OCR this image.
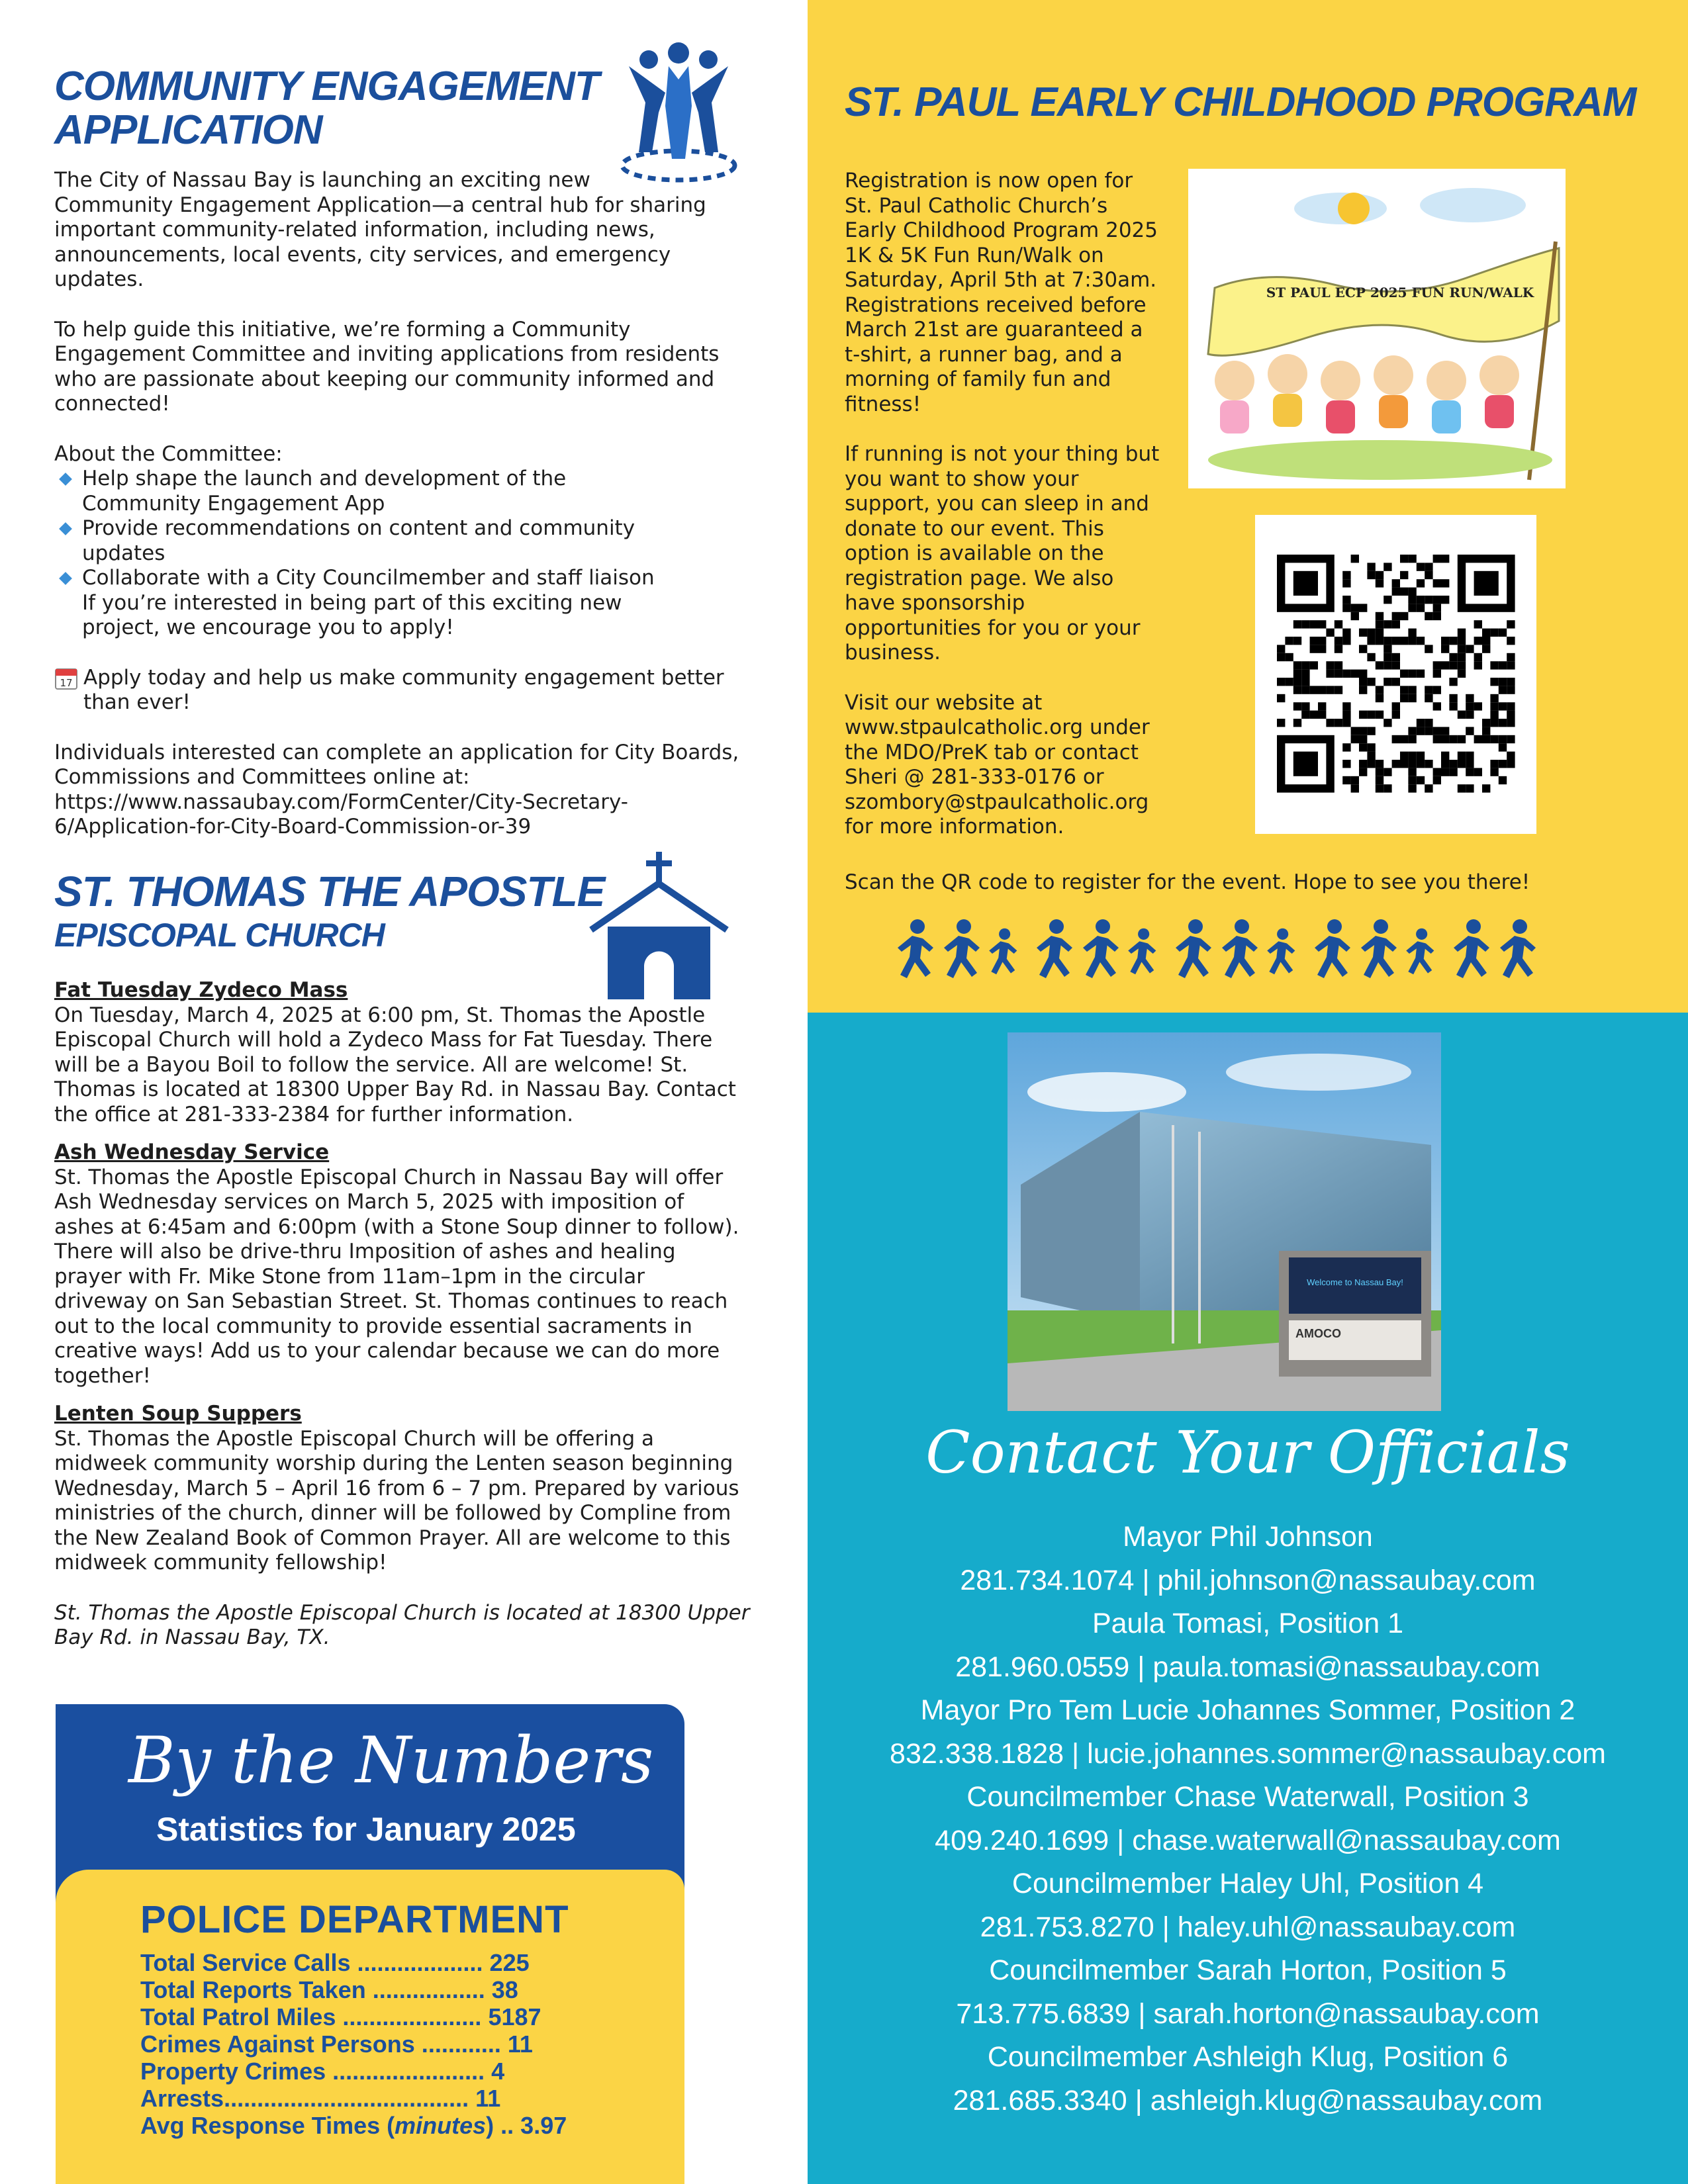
COMMUNITY ENGAGEMENT
APPLICATION

The City of Nassau Bay is launching an exciting new
Community Engagement Application—a central hub for sharing
important community-related information, including news,
announcements, local events, city services, and emergency
updates.

To help guide this initiative, we’re forming a Community
Engagement Committee and inviting applications from residents
who are passionate about keeping our community informed and
connected!

About the Committee:

Help shape the launch and development of the
Community Engagement App

Provide recommendations on content and community
updates

Collaborate with a City Councilmember and staff liaison
If you’re interested in being part of this exciting new
project, we encourage you to apply!

17 Apply today and help us make community engagement better
than ever!

Individuals interested can complete an application for City Boards,
Commissions and Committees online at:
https://www.nassaubay.com/FormCenter/City-Secretary-
6/Application-for-City-Board-Commission-or-39

ST. THOMAS THE APOSTLE
EPISCOPAL CHURCH

Fat Tuesday Zydeco Mass

On Tuesday, March 4, 2025 at 6:00 pm, St. Thomas the Apostle
Episcopal Church will hold a Zydeco Mass for Fat Tuesday. There
will be a Bayou Boil to follow the service. All are welcome! St.
Thomas is located at 18300 Upper Bay Rd. in Nassau Bay. Contact
the office at 281-333-2384 for further information.

Ash Wednesday Service

St. Thomas the Apostle Episcopal Church in Nassau Bay will offer
Ash Wednesday services on March 5, 2025 with imposition of
ashes at 6:45am and 6:00pm (with a Stone Soup dinner to follow).
There will also be drive-thru Imposition of ashes and healing
prayer with Fr. Mike Stone from 11am–1pm in the circular
driveway on San Sebastian Street. St. Thomas continues to reach
out to the local community to provide essential sacraments in
creative ways! Add us to your calendar because we can do more
together!

Lenten Soup Suppers

St. Thomas the Apostle Episcopal Church will be offering a
midweek community worship during the Lenten season beginning
Wednesday, March 5 – April 16 from 6 – 7 pm. Prepared by various
ministries of the church, dinner will be followed by Compline from
the New Zealand Book of Common Prayer. All are welcome to this
midweek community fellowship!

St. Thomas the Apostle Episcopal Church is located at 18300 Upper
Bay Rd. in Nassau Bay, TX.

By the Numbers
Statistics for January 2025
POLICE DEPARTMENT
Total Service Calls ................... 225
Total Reports Taken ................. 38
Total Patrol Miles ..................... 5187
Crimes Against Persons ............ 11
Property Crimes ....................... 4
Arrests..................................... 11
Avg Response Times (minutes) .. 3.97
ST. PAUL EARLY CHILDHOOD PROGRAM

Registration is now open for
St. Paul Catholic Church’s
Early Childhood Program 2025
1K & 5K Fun Run/Walk on
Saturday, April 5th at 7:30am.
Registrations received before
March 21st are guaranteed a
t-shirt, a runner bag, and a
morning of family fun and
fitness!

If running is not your thing but
you want to show your
support, you can sleep in and
donate to our event. This
option is available on the
registration page. We also
have sponsorship
opportunities for you or your
business.

Visit our website at
www.stpaulcatholic.org under
the MDO/PreK tab or contact
Sheri @ 281-333-0176 or
szombory@stpaulcatholic.org
for more information.

ST PAUL ECP 2025 FUN RUN/WALK

Scan the QR code to register for the event. Hope to see you there!

Welcome to Nassau Bay!
AMOCO
Contact Your Officials
Mayor Phil Johnson
281.734.1074 | phil.johnson@nassaubay.com
Paula Tomasi, Position 1
281.960.0559 | paula.tomasi@nassaubay.com
Mayor Pro Tem Lucie Johannes Sommer, Position 2
832.338.1828 | lucie.johannes.sommer@nassaubay.com
Councilmember Chase Waterwall, Position 3
409.240.1699 | chase.waterwall@nassaubay.com
Councilmember Haley Uhl, Position 4
281.753.8270 | haley.uhl@nassaubay.com
Councilmember Sarah Horton, Position 5
713.775.6839 | sarah.horton@nassaubay.com
Councilmember Ashleigh Klug, Position 6
281.685.3340 | ashleigh.klug@nassaubay.com
